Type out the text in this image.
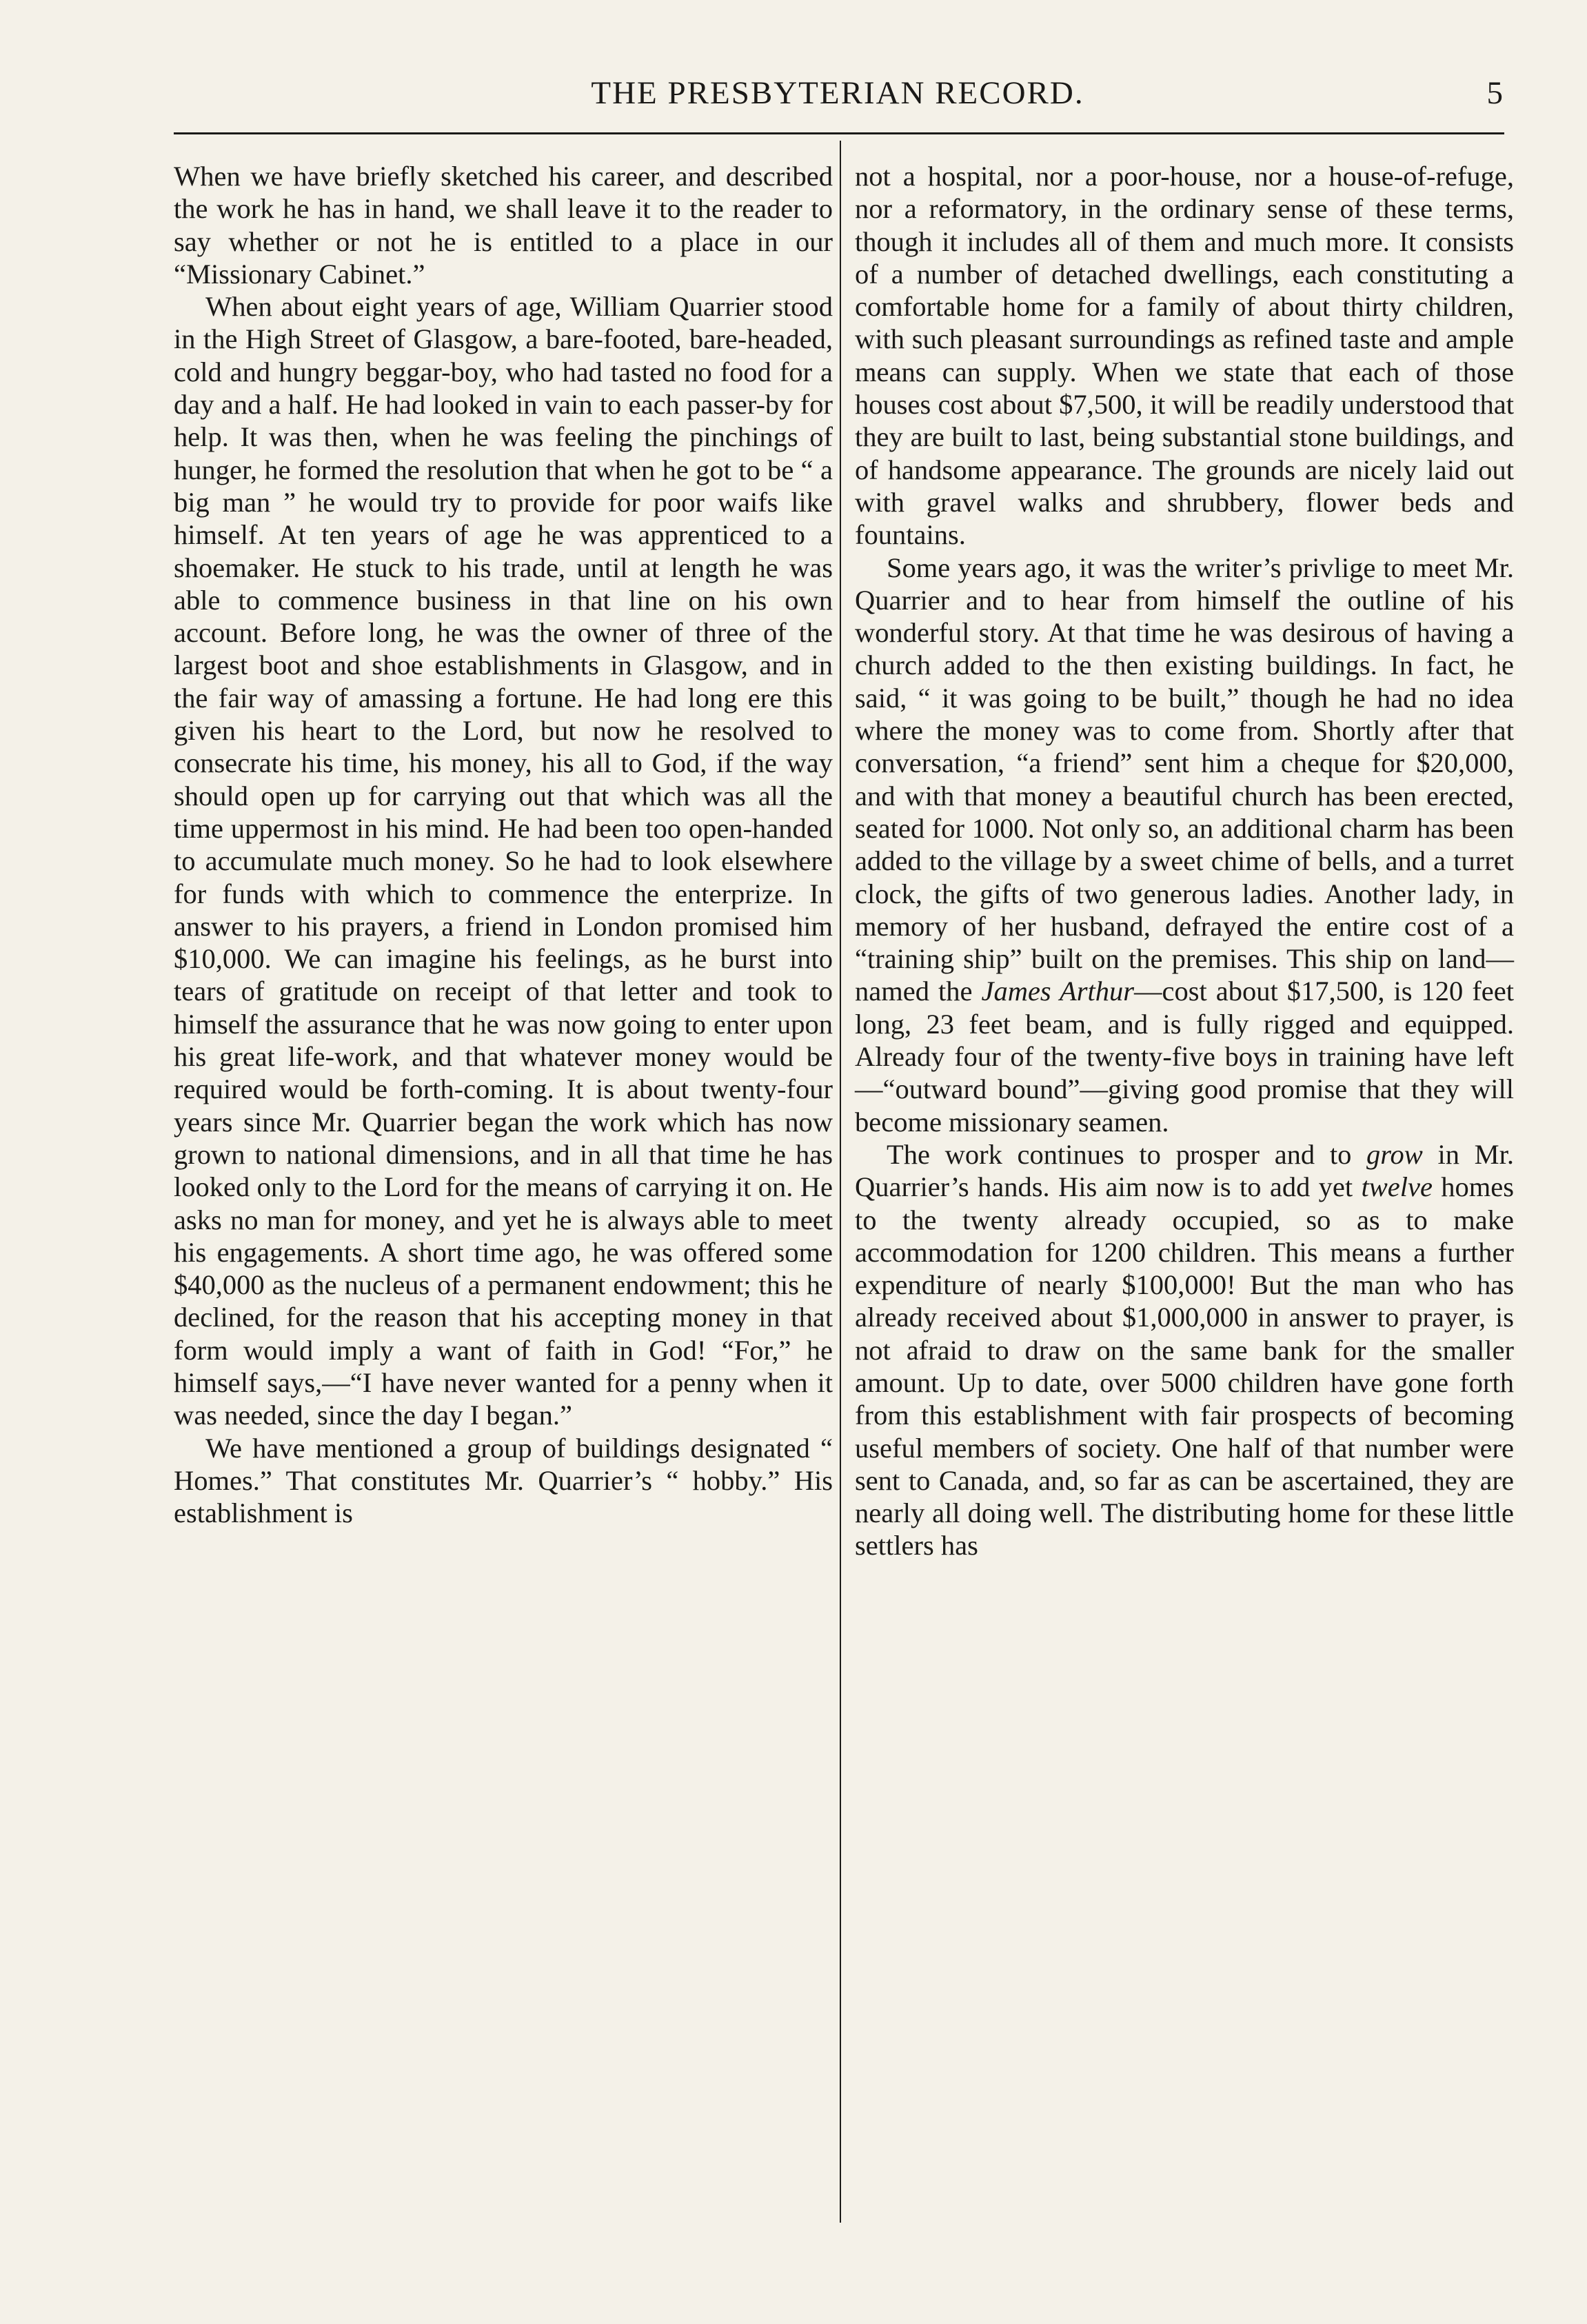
THE PRESBYTERIAN RECORD.	5

When we have briefly sketched his career, and described the work he has in hand, we shall leave it to the reader to say whether or not he is entitled to a place in our “Missionary Cabinet.”

When about eight years of age, William Quarrier stood in the High Street of Glasgow, a bare-footed, bare-headed, cold and hungry beggar-boy, who had tasted no food for a day and a half. He had looked in vain to each passer-by for help. It was then, when he was feeling the pinchings of hunger, he formed the resolution that when he got to be “ a big man ” he would try to provide for poor waifs like himself. At ten years of age he was apprenticed to a shoemaker. He stuck to his trade, until at length he was able to commence business in that line on his own account. Before long, he was the owner of three of the largest boot and shoe establishments in Glasgow, and in the fair way of amassing a fortune. He had long ere this given his heart to the Lord, but now he resolved to consecrate his time, his money, his all to God, if the way should open up for carrying out that which was all the time uppermost in his mind. He had been too open-handed to accumulate much money. So he had to look elsewhere for funds with which to commence the enterprize. In answer to his prayers, a friend in London promised him $10,000. We can imagine his feelings, as he burst into tears of gratitude on receipt of that letter and took to himself the assurance that he was now going to enter upon his great life-work, and that whatever money would be required would be forth-coming. It is about twenty-four years since Mr. Quarrier began the work which has now grown to national dimensions, and in all that time he has looked only to the Lord for the means of carrying it on. He asks no man for money, and yet he is always able to meet his engagements. A short time ago, he was offered some $40,000 as the nucleus of a permanent endowment; this he declined, for the reason that his accepting money in that form would imply a want of faith in God! “For,” he himself says,—“I have never wanted for a penny when it was needed, since the day I began.”

We have mentioned a group of buildings designated “ Homes.” That constitutes Mr. Quarrier’s “ hobby.” His establishment is

not a hospital, nor a poor-house, nor a house-of-refuge, nor a reformatory, in the ordinary sense of these terms, though it includes all of them and much more. It consists of a number of detached dwellings, each constituting a comfortable home for a family of about thirty children, with such pleasant surroundings as refined taste and ample means can supply. When we state that each of those houses cost about $7,500, it will be readily understood that they are built to last, being substantial stone buildings, and of handsome appearance. The grounds are nicely laid out with gravel walks and shrubbery, flower beds and fountains.

Some years ago, it was the writer’s privlige to meet Mr. Quarrier and to hear from himself the outline of his wonderful story. At that time he was desirous of having a church added to the then existing buildings. In fact, he said, “ it was going to be built,” though he had no idea where the money was to come from. Shortly after that conversation, “a friend” sent him a cheque for $20,000, and with that money a beautiful church has been erected, seated for 1000. Not only so, an additional charm has been added to the village by a sweet chime of bells, and a turret clock, the gifts of two generous ladies. Another lady, in memory of her husband, defrayed the entire cost of a “training ship” built on the premises. This ship on land—named the James Arthur—cost about $17,500, is 120 feet long, 23 feet beam, and is fully rigged and equipped. Already four of the twenty-five boys in training have left—“outward bound”—giving good promise that they will become missionary seamen.

The work continues to prosper and to grow in Mr. Quarrier’s hands. His aim now is to add yet twelve homes to the twenty already occupied, so as to make accommodation for 1200 children. This means a further expenditure of nearly $100,000! But the man who has already received about $1,000,000 in answer to prayer, is not afraid to draw on the same bank for the smaller amount. Up to date, over 5000 children have gone forth from this establishment with fair prospects of becoming useful members of society. One half of that number were sent to Canada, and, so far as can be ascertained, they are nearly all doing well. The distributing home for these little settlers has
